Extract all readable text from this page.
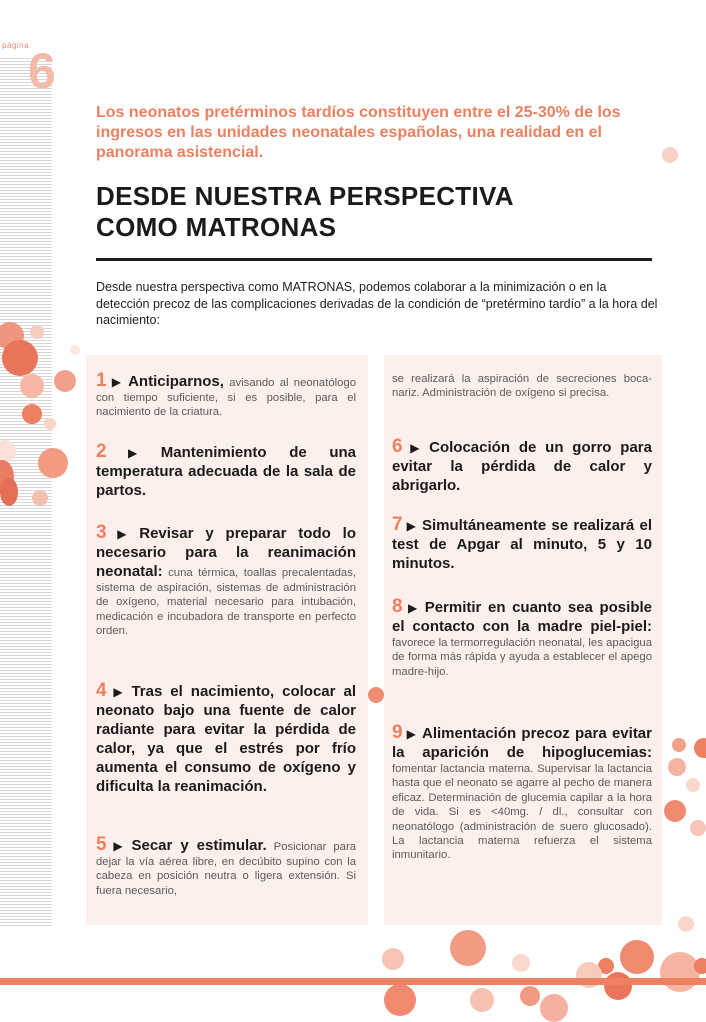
página
6
Los neonatos pretérminos tardíos constituyen entre el 25-30% de los ingresos en las unidades neonatales españolas, una realidad en el panorama asistencial.
DESDE NUESTRA PERSPECTIVA
COMO MATRONAS
Desde nuestra perspectiva como MATRONAS, podemos colaborar a la minimización o en la detección precoz de las complicaciones derivadas de la condición de “pretérmino tardío” a la hora del nacimiento:
1 ▶ Anticiparnos, avisando al neonatólogo con tiempo suficiente, si es posible, para el nacimiento de la criatura.
2 ▶ Mantenimiento de una temperatura adecuada de la sala de partos.
3 ▶ Revisar y preparar todo lo necesario para la reanimación neonatal: cuna térmica, toallas precalentadas, sistema de aspiración, sistemas de administración de oxígeno, material necesario para intubación, medicación e incubadora de transporte en perfecto orden.
4 ▶ Tras el nacimiento, colocar al neonato bajo una fuente de calor radiante para evitar la pérdida de calor, ya que el estrés por frío aumenta el consumo de oxígeno y dificulta la reanimación.
5 ▶ Secar y estimular. Posicionar para dejar la vía aérea libre, en decúbito supino con la cabeza en posición neutra o ligera extensión. Si fuera necesario,
se realizará la aspiración de secreciones boca-nariz. Administración de oxígeno si precisa.
6 ▶ Colocación de un gorro para evitar la pérdida de calor y abrigarlo.
7 ▶ Simultáneamente se realizará el test de Apgar al minuto, 5 y 10 minutos.
8 ▶ Permitir en cuanto sea posible el contacto con la madre piel-piel: favorece la termorregulación neonatal, les apacigua de forma más rápida y ayuda a establecer el apego madre-hijo.
9 ▶ Alimentación precoz para evitar la aparición de hipoglucemias: fomentar lactancia materna. Supervisar la lactancia hasta que el neonato se agarre al pecho de manera eficaz. Determinación de glucemia capilar a la hora de vida. Si es <40mg. / dl., consultar con neonatólogo (administración de suero glucosado). La lactancia materna refuerza el sistema inmunitario.
